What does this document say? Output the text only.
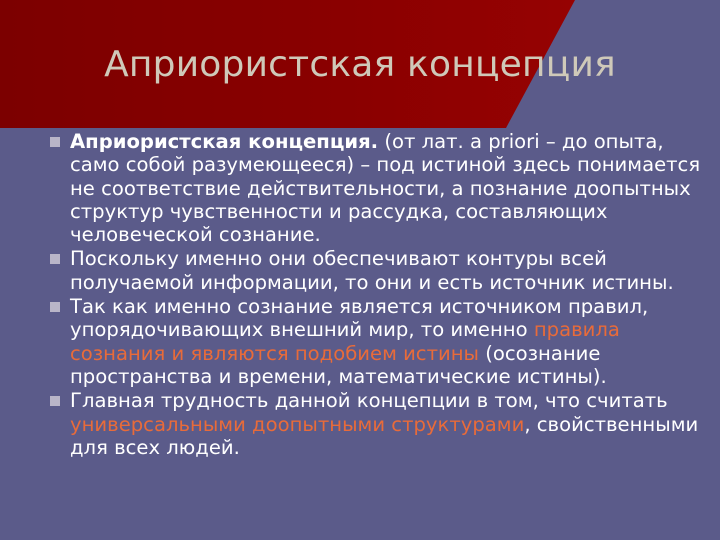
Априористская концепция
Априористская концепция. (от лат. а priori – до опыта, само собой разумеющееся) – под истиной здесь понимается не соответствие действительности, а познание доопытных структур чувственности и рассудка, составляющих человеческой сознание.
Поскольку именно они обеспечивают контуры всей получаемой информации, то они и есть источник истины.
Так как именно сознание является источником правил, упорядочивающих внешний мир, то именно правила сознания и являются подобием истины (осознание пространства и времени, математические истины).
Главная трудность данной концепции в том, что считать универсальными доопытными структурами, свойственными для всех людей.
